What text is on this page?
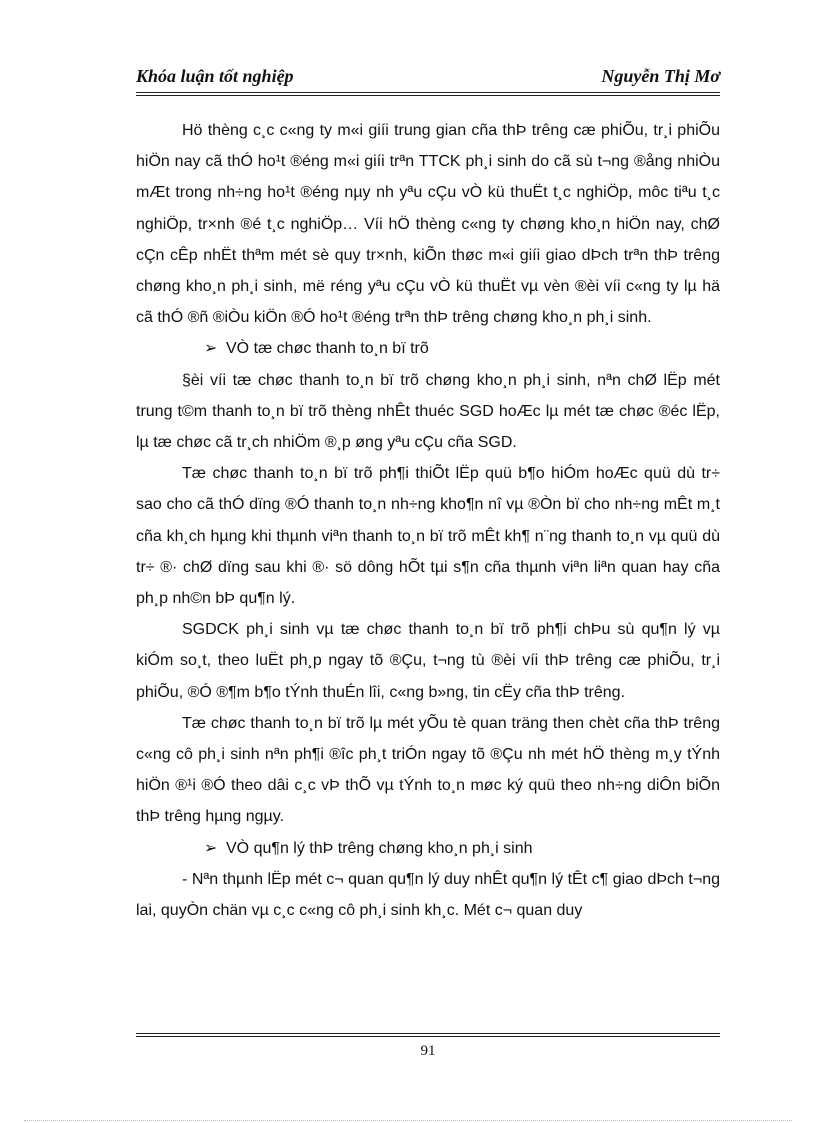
Khóa luận tốt nghiệp	Nguyễn Thị Mơ

Hö thèng c¸c c«ng ty m«i giíi trung gian cña thÞ trêng cæ phiÕu, tr¸i phiÕu hiÖn nay cã thÓ ho¹t ®éng m«i giíi trªn TTCK ph¸i sinh do cã sù t¬ng ®ång nhiÒu mÆt trong nh÷ng ho¹t ®éng nµy nh yªu cÇu vÒ kü thuËt t¸c nghiÖp, môc tiªu t¸c nghiÖp, tr×nh ®é t¸c nghiÖp… Víi hÖ thèng c«ng ty chøng kho¸n hiÖn nay, chØ cÇn cÊp nhËt thªm mét sè quy tr×nh, kiÕn thøc m«i giíi giao dÞch trªn thÞ trêng chøng kho¸n ph¸i sinh, më réng yªu cÇu vÒ kü thuËt vµ vèn ®èi víi c«ng ty lµ hä cã thÓ ®ñ ®iÒu kiÖn ®Ó ho¹t ®éng trªn thÞ trêng chøng kho¸n ph¸i sinh.

➢ VÒ tæ chøc thanh to¸n bï trõ

§èi víi tæ chøc thanh to¸n bï trõ chøng kho¸n ph¸i sinh, nªn chØ lËp mét trung t©m thanh to¸n bï trõ thèng nhÊt thuéc SGD hoÆc lµ mét tæ chøc ®éc lËp, lµ tæ chøc cã tr¸ch nhiÖm ®¸p øng yªu cÇu cña SGD.

Tæ chøc thanh to¸n bï trõ ph¶i thiÕt lËp quü b¶o hiÓm hoÆc quü dù tr÷ sao cho cã thÓ dïng ®Ó thanh to¸n nh÷ng kho¶n nî vµ ®Òn bï cho nh÷ng mÊt m¸t cña kh¸ch hµng khi thµnh viªn thanh to¸n bï trõ mÊt kh¶ n¨ng thanh to¸n vµ quü dù tr÷ ®· chØ dïng sau khi ®· sö dông hÕt tµi s¶n cña thµnh viªn liªn quan hay cña ph¸p nh©n bÞ qu¶n lý.

SGDCK ph¸i sinh vµ tæ chøc thanh to¸n bï trõ ph¶i chÞu sù qu¶n lý vµ kiÓm so¸t, theo luËt ph¸p ngay tõ ®Çu, t¬ng tù ®èi víi thÞ trêng cæ phiÕu, tr¸i phiÕu, ®Ó ®¶m b¶o tÝnh thuÉn lîi, c«ng b»ng, tin cËy cña thÞ trêng.

Tæ chøc thanh to¸n bï trõ lµ mét yÕu tè quan träng then chèt cña thÞ trêng c«ng cô ph¸i sinh nªn ph¶i ®îc ph¸t triÓn ngay tõ ®Çu nh mét hÖ thèng m¸y tÝnh hiÖn ®¹i ®Ó theo dâi c¸c vÞ thÕ vµ tÝnh to¸n møc ký quü theo nh÷ng diÔn biÕn thÞ trêng hµng ngµy.

➢ VÒ qu¶n lý thÞ trêng chøng kho¸n ph¸i sinh

- Nªn thµnh lËp mét c¬ quan qu¶n lý duy nhÊt qu¶n lý tÊt c¶ giao dÞch t¬ng lai, quyÒn chän vµ c¸c c«ng cô ph¸i sinh kh¸c. Mét c¬ quan duy

91
